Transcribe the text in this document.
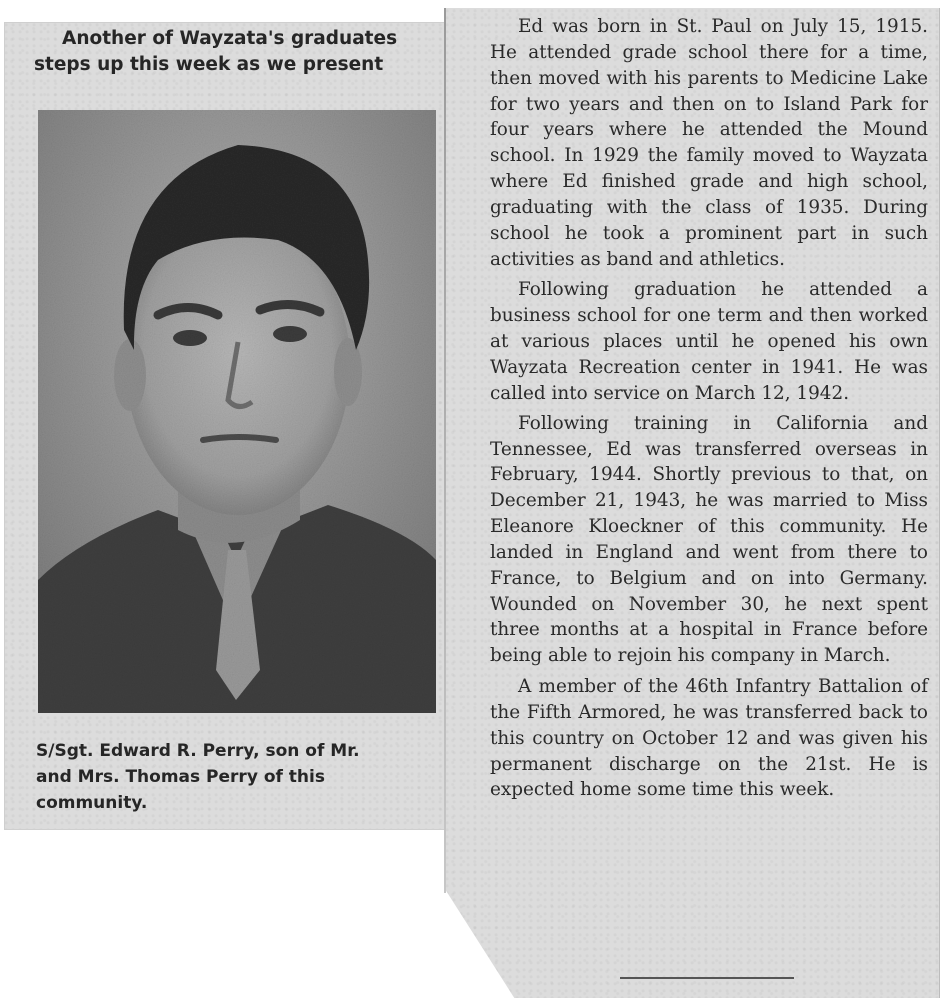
Another of Wayzata's graduates
steps up this week as we present

S/Sgt. Edward R. Perry, son of Mr.
and Mrs. Thomas Perry of this
community.

Ed was born in St. Paul on July 15, 1915. He attended grade school there for a time, then moved with his parents to Medicine Lake for two years and then on to Island Park for four years where he attended the Mound school. In 1929 the family moved to Wayzata where Ed finished grade and high school, graduating with the class of 1935. During school he took a prominent part in such activities as band and athletics.

Following graduation he attended a business school for one term and then worked at various places until he opened his own Wayzata Recreation center in 1941. He was called into service on March 12, 1942.

Following training in California and Tennessee, Ed was transferred overseas in February, 1944. Shortly previous to that, on December 21, 1943, he was married to Miss Eleanore Kloeckner of this community. He landed in England and went from there to France, to Belgium and on into Germany. Wounded on November 30, he next spent three months at a hospital in France before being able to rejoin his company in March.

A member of the 46th Infantry Battalion of the Fifth Armored, he was transferred back to this country on October 12 and was given his permanent discharge on the 21st. He is expected home some time this week.
